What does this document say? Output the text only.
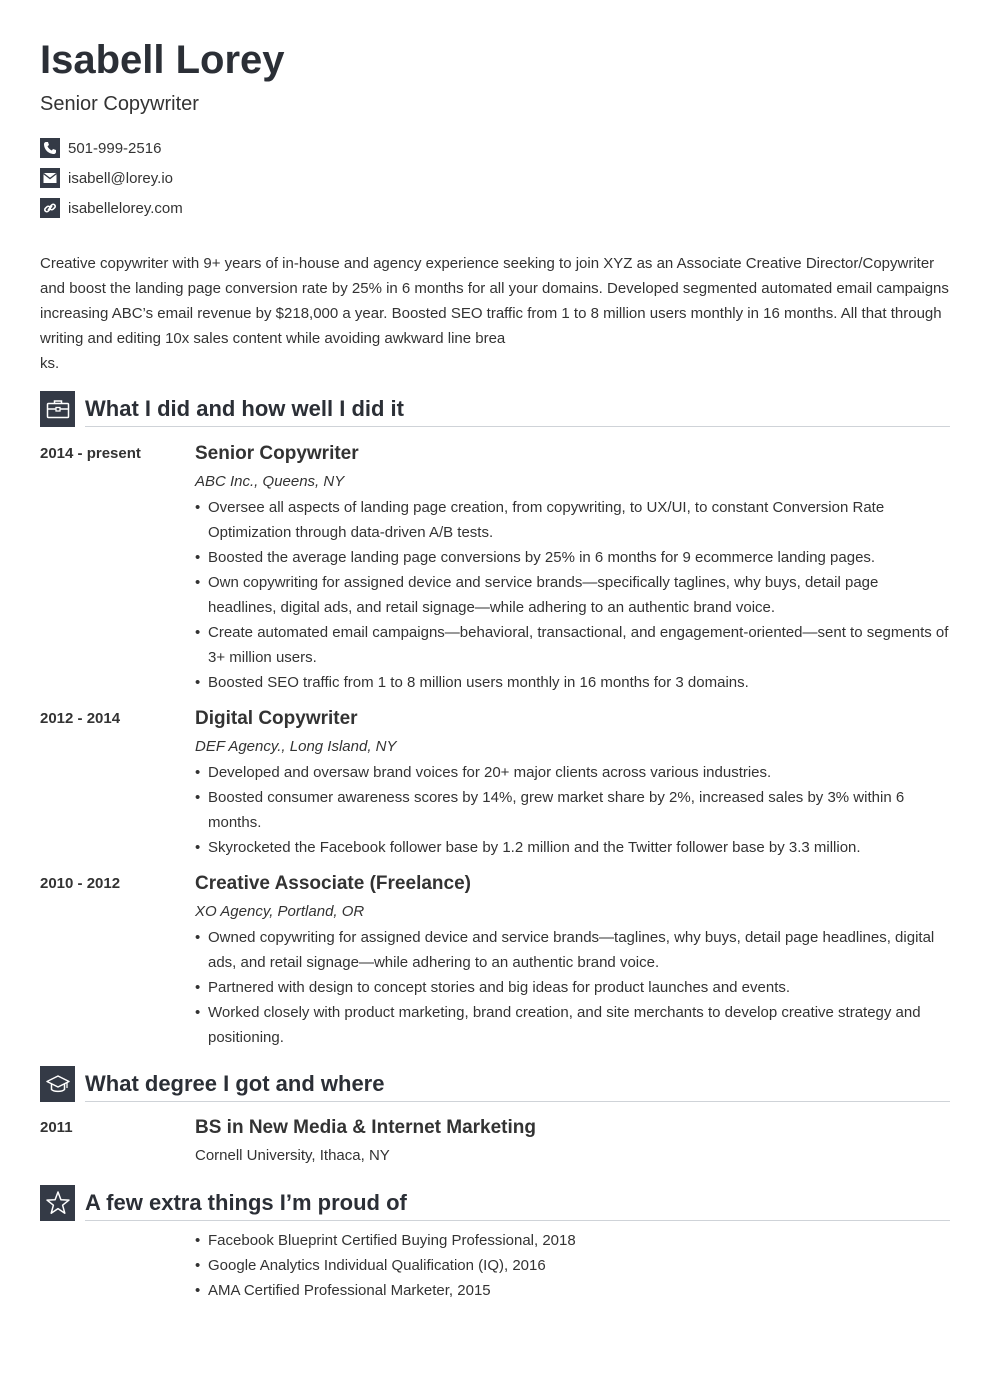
Isabell Lorey
Senior Copywriter
501-999-2516
isabell@lorey.io
isabellelorey.com

Creative copywriter with 9+ years of in-house and agency experience seeking to join XYZ as an Associate Creative Director/Copywriter and boost the landing page conversion rate by 25% in 6 months for all your domains. Developed segmented automated email campaigns increasing ABC’s email revenue by $218,000 a year. Boosted SEO traffic from 1 to 8 million users monthly in 16 months. All that through writing and editing 10x sales content while avoiding awkward line brea
ks.

What I did and how well I did it
2014 - present	Senior Copywriter
ABC Inc., Queens, NY
• Oversee all aspects of landing page creation, from copywriting, to UX/UI, to constant Conversion Rate Optimization through data-driven A/B tests.
• Boosted the average landing page conversions by 25% in 6 months for 9 ecommerce landing pages.
• Own copywriting for assigned device and service brands—specifically taglines, why buys, detail page headlines, digital ads, and retail signage—while adhering to an authentic brand voice.
• Create automated email campaigns—behavioral, transactional, and engagement-oriented—sent to segments of 3+ million users.
• Boosted SEO traffic from 1 to 8 million users monthly in 16 months for 3 domains.
2012 - 2014	Digital Copywriter
DEF Agency., Long Island, NY
• Developed and oversaw brand voices for 20+ major clients across various industries.
• Boosted consumer awareness scores by 14%, grew market share by 2%, increased sales by 3% within 6 months.
• Skyrocketed the Facebook follower base by 1.2 million and the Twitter follower base by 3.3 million.
2010 - 2012	Creative Associate (Freelance)
XO Agency, Portland, OR
• Owned copywriting for assigned device and service brands—taglines, why buys, detail page headlines, digital ads, and retail signage—while adhering to an authentic brand voice.
• Partnered with design to concept stories and big ideas for product launches and events.
• Worked closely with product marketing, brand creation, and site merchants to develop creative strategy and positioning.
What degree I got and where
2011	BS in New Media & Internet Marketing
Cornell University, Ithaca, NY
A few extra things I’m proud of
• Facebook Blueprint Certified Buying Professional, 2018
• Google Analytics Individual Qualification (IQ), 2016
• AMA Certified Professional Marketer, 2015
